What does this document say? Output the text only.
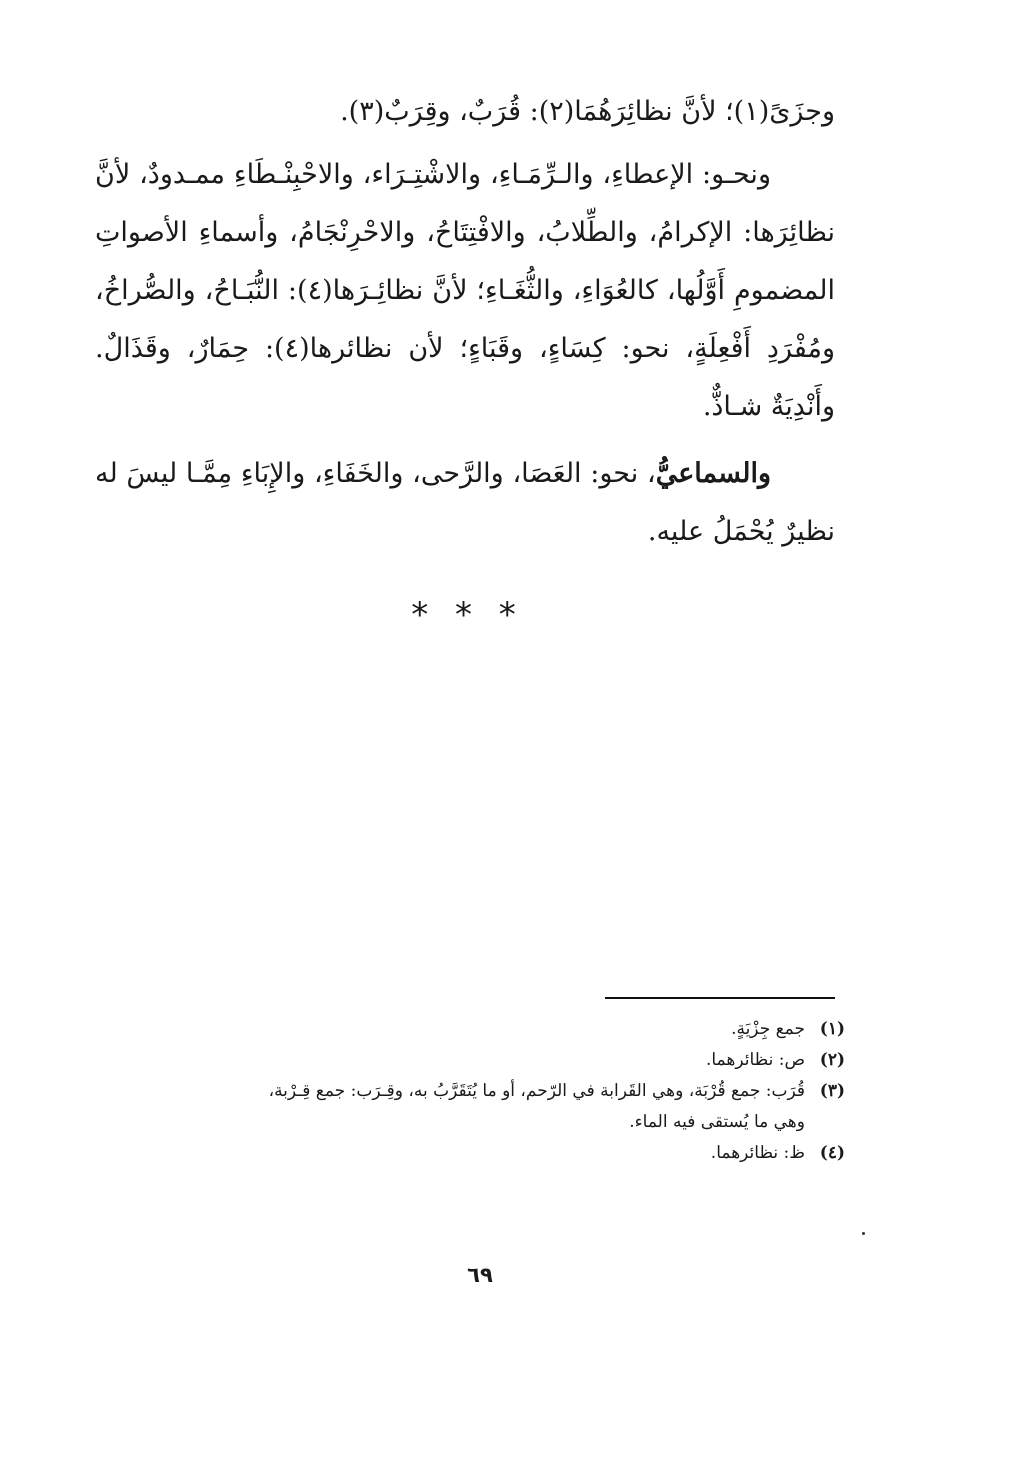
وجزَىً(١)؛ لأنَّ نظائِرَهُمَا(٢): قُرَبٌ، وقِرَبٌ(٣).
ونحـو: الإعطاءِ، والـرِّمَـاءِ، والاشْتِـرَاء، والاحْبِنْـطَاءِ ممـدودٌ، لأنَّ نظائِرَها: الإكرامُ، والطِّلابُ، والافْتِتَاحُ، والاحْرِنْجَامُ، وأسماءِ الأصواتِ المضمومِ أَوَّلُها، كالعُوَاءِ، والثُّغَـاءِ؛ لأنَّ نظائِـرَها(٤): النُّبَـاحُ، والصُّراخُ، ومُفْرَدِ أَفْعِلَةٍ، نحو: كِسَاءٍ، وقَبَاءٍ؛ لأن نظائرها(٤): حِمَارٌ، وقَذَالٌ. وأَنْدِيَةٌ شـاذٌّ.
والسماعيُّ، نحو: العَصَا، والرَّحى، والخَفَاءِ، والإِبَاءِ مِمَّـا ليسَ له نظيرٌ يُحْمَلُ عليه.
* * *
(١)
جمع جِزْيَةٍ.
(٢)
ص: نظائرهما.
(٣)
قُرَب: جمع قُرْبَة، وهي القَرابة في الرّحم، أو ما يُتَقَرَّبُ به، وقِـرَب: جمع قِـرْبة،
وهي ما يُستقى فيه الماء.
(٤)
ظ: نظائرهما.
٦٩
